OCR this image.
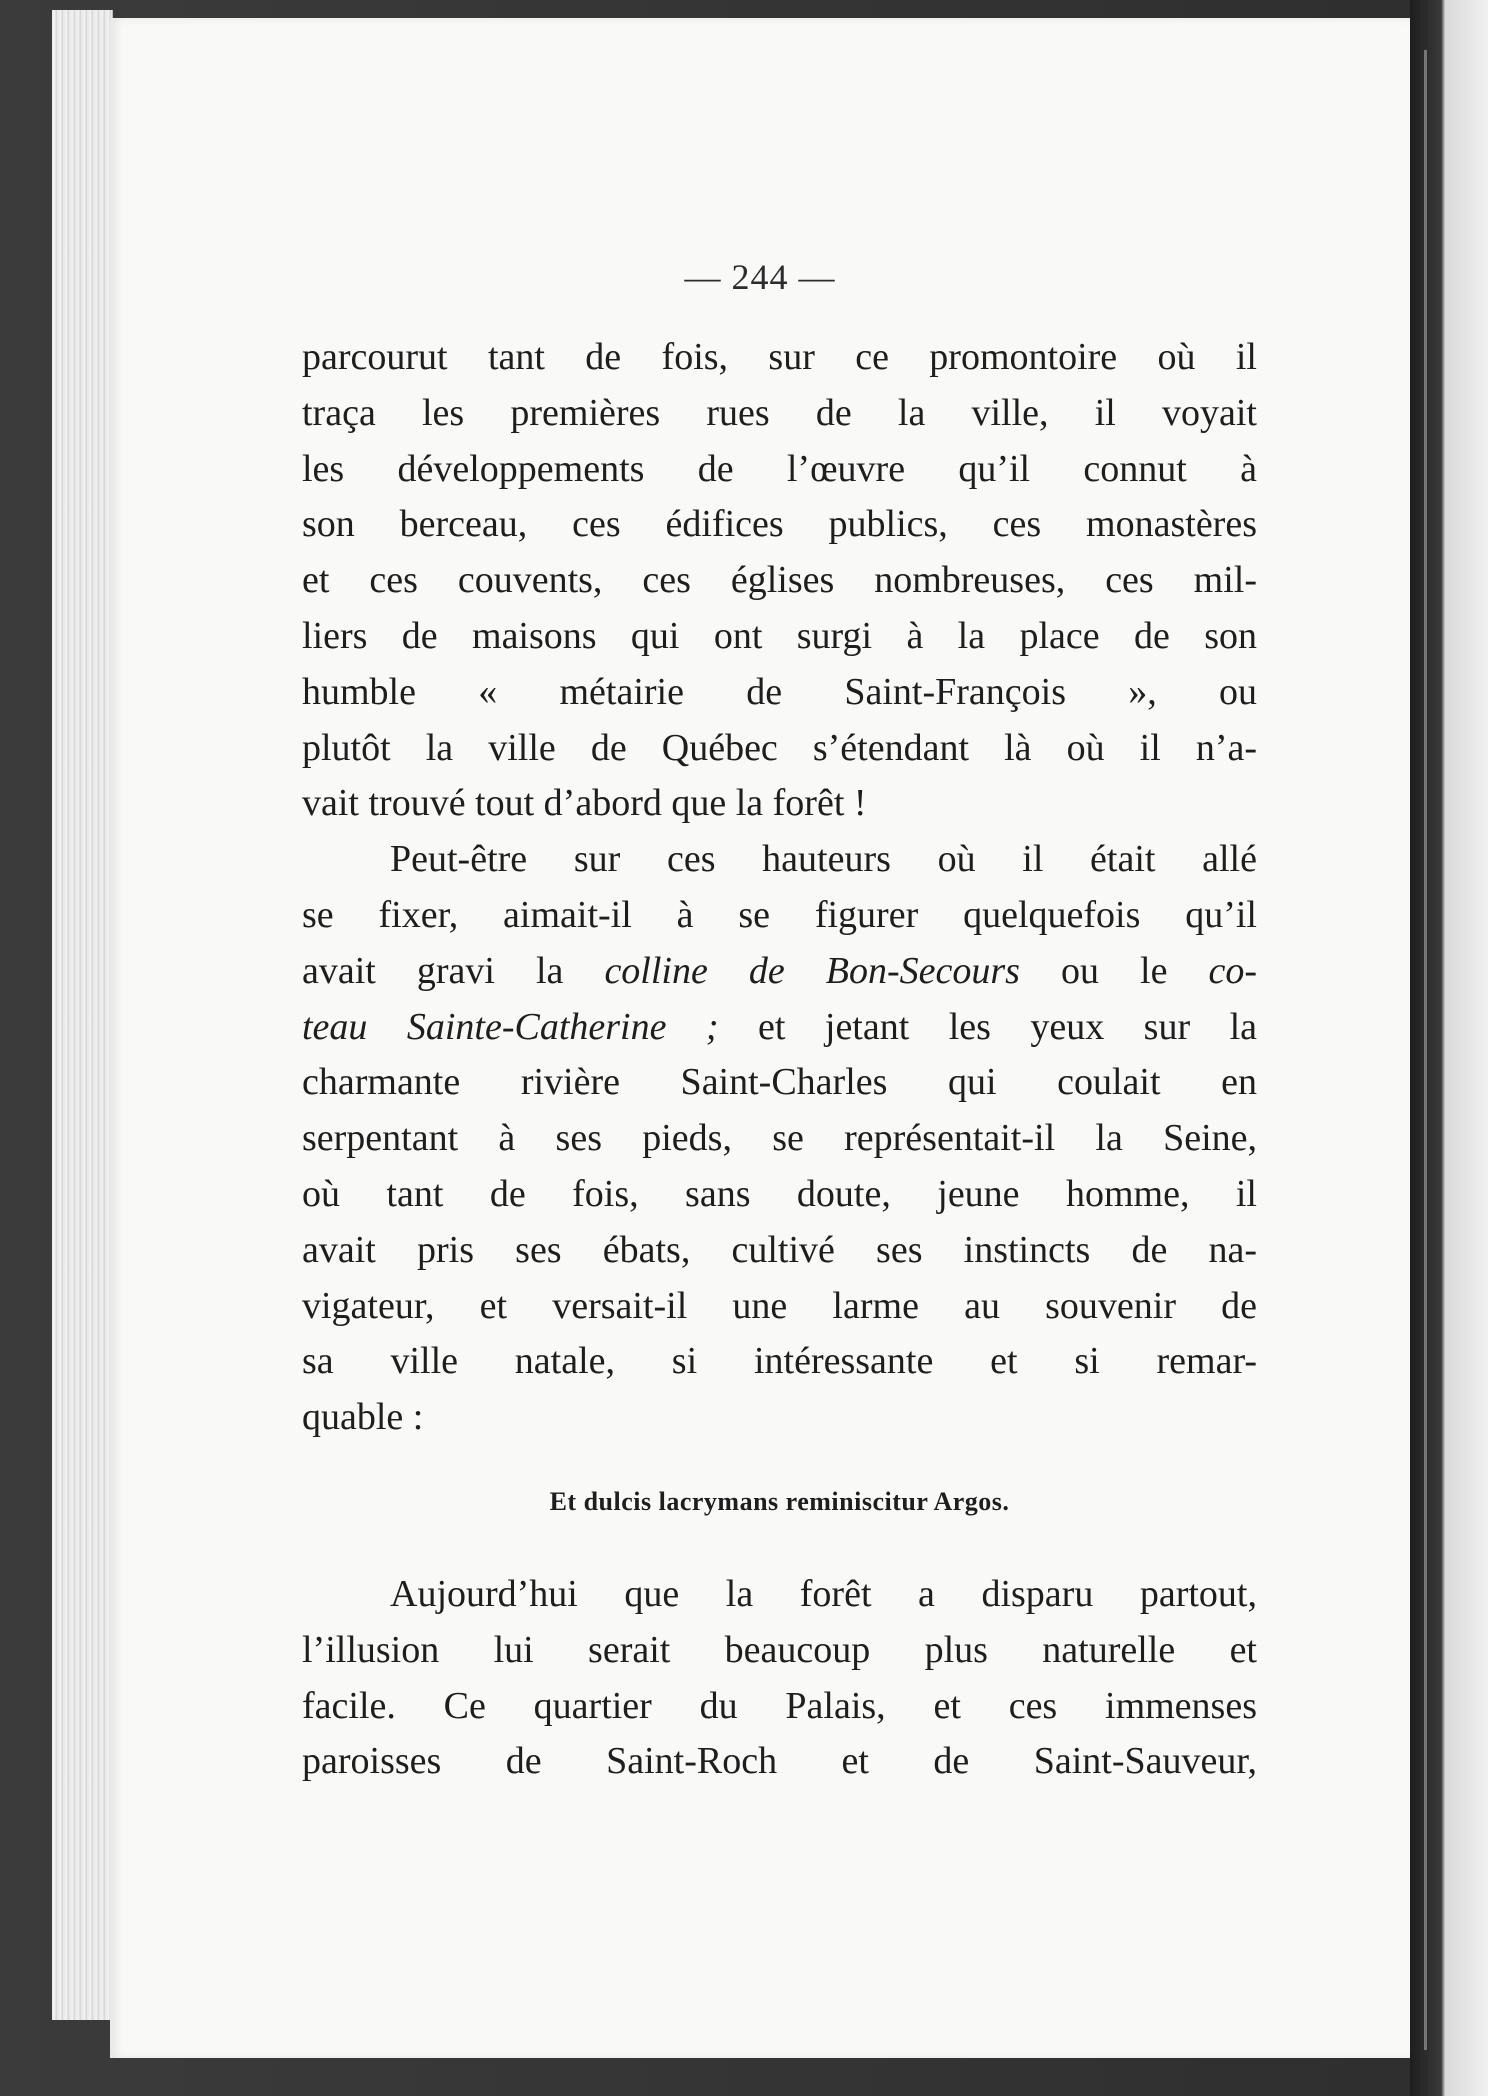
— 244 —
parcourut tant de fois, sur ce promontoire où il
traça les premières rues de la ville, il voyait
les développements de l’œuvre qu’il connut à
son berceau, ces édifices publics, ces monastères
et ces couvents, ces églises nombreuses, ces mil-
liers de maisons qui ont surgi à la place de son
humble « métairie de Saint-François », ou
plutôt la ville de Québec s’étendant là où il n’a-
vait trouvé tout d’abord que la forêt !
Peut-être sur ces hauteurs où il était allé
se fixer, aimait-il à se figurer quelquefois qu’il
avait gravi la colline de Bon-Secours ou le co-
teau Sainte-Catherine ; et jetant les yeux sur la
charmante rivière Saint-Charles qui coulait en
serpentant à ses pieds, se représentait-il la Seine,
où tant de fois, sans doute, jeune homme, il
avait pris ses ébats, cultivé ses instincts de na-
vigateur, et versait-il une larme au souvenir de
sa ville natale, si intéressante et si remar-
quable :
Et dulcis lacrymans reminiscitur Argos.
Aujourd’hui que la forêt a disparu partout,
l’illusion lui serait beaucoup plus naturelle et
facile. Ce quartier du Palais, et ces immenses
paroisses de Saint-Roch et de Saint-Sauveur,
